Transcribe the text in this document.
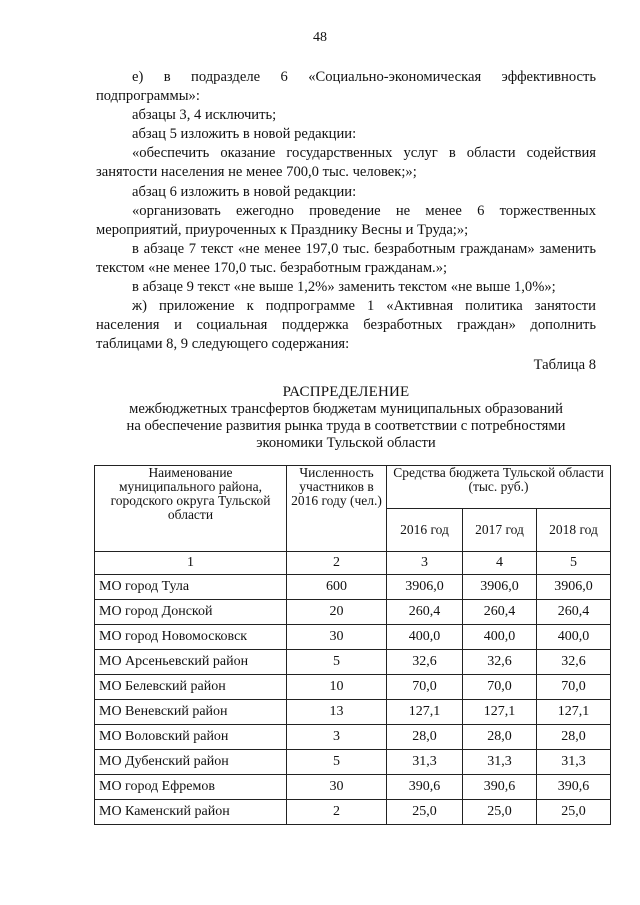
48

е) в подразделе 6 «Социально-экономическая эффективность подпрограммы»:

абзацы 3, 4 исключить;

абзац 5 изложить в новой редакции:

«обеспечить оказание государственных услуг в области содействия занятости населения не менее 700,0 тыс. человек;»;

абзац 6 изложить в новой редакции:

«организовать ежегодно проведение не менее 6 торжественных мероприятий, приуроченных к Празднику Весны и Труда;»;

в абзаце 7 текст «не менее 197,0 тыс. безработным гражданам» заменить текстом «не менее 170,0 тыс. безработным гражданам.»;

в абзаце 9 текст «не выше 1,2%» заменить текстом «не выше 1,0%»;

ж) приложение к подпрограмме 1 «Активная политика занятости населения и социальная поддержка безработных граждан» дополнить таблицами 8, 9 следующего содержания:

Таблица 8

РАСПРЕДЕЛЕНИЕ
межбюджетных трансфертов бюджетам муниципальных образований
на обеспечение развития рынка труда в соответствии с потребностями
экономики Тульской области
Наименование муниципального района, городского округа Тульской области	Численность участников в 2016 году (чел.)	Средства бюджета Тульской области (тыс. руб.)		
		2016 год	2017 год	2018 год
1	2	3	4	5
МО город Тула	600	3906,0	3906,0	3906,0
МО город Донской	20	260,4	260,4	260,4
МО город Новомосковск	30	400,0	400,0	400,0
МО Арсеньевский район	5	32,6	32,6	32,6
МО Белевский район	10	70,0	70,0	70,0
МО Веневский район	13	127,1	127,1	127,1
МО Воловский район	3	28,0	28,0	28,0
МО Дубенский район	5	31,3	31,3	31,3
МО город Ефремов	30	390,6	390,6	390,6
МО Каменский район	2	25,0	25,0	25,0
